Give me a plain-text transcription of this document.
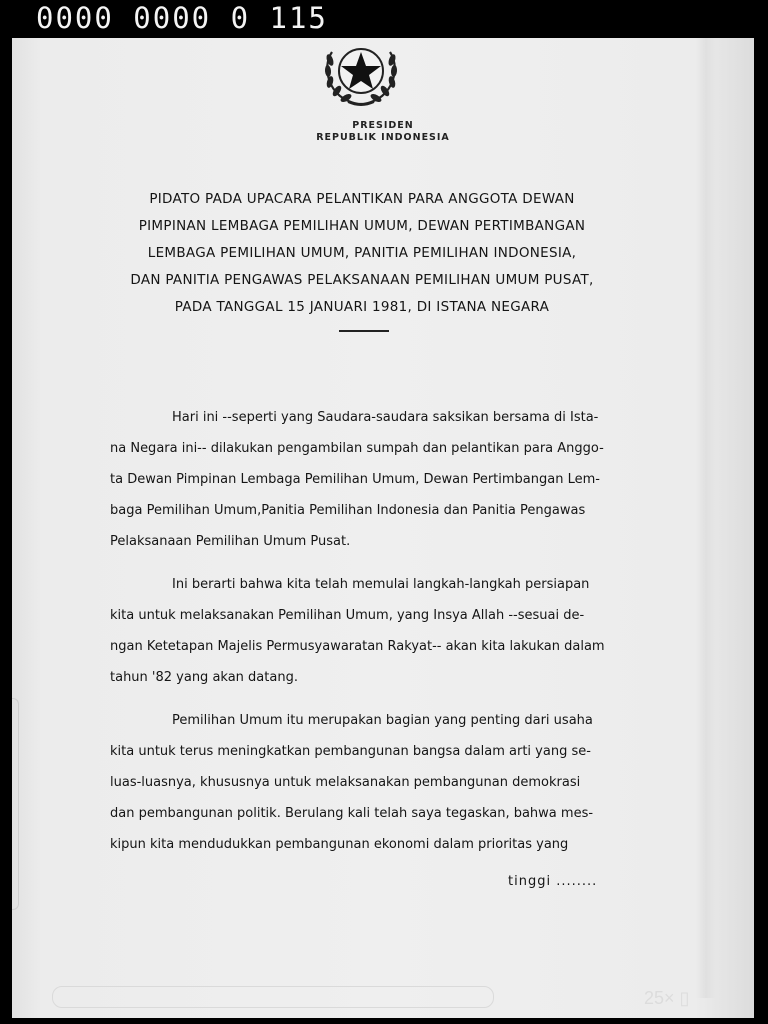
0000 0000 0 115
PRESIDEN
REPUBLIK INDONESIA
PIDATO PADA UPACARA PELANTIKAN PARA ANGGOTA DEWAN
PIMPINAN LEMBAGA PEMILIHAN UMUM, DEWAN PERTIMBANGAN
LEMBAGA PEMILIHAN UMUM, PANITIA PEMILIHAN INDONESIA,
DAN PANITIA PENGAWAS PELAKSANAAN PEMILIHAN UMUM PUSAT,
PADA TANGGAL 15 JANUARI 1981, DI ISTANA NEGARA
Hari ini --seperti yang Saudara-saudara saksikan bersama di Ista-
na Negara ini-- dilakukan pengambilan sumpah dan pelantikan para Anggo-
ta Dewan Pimpinan Lembaga Pemilihan Umum, Dewan Pertimbangan Lem-
baga Pemilihan Umum,Panitia Pemilihan Indonesia dan Panitia Pengawas
Pelaksanaan Pemilihan Umum Pusat.
Ini berarti bahwa kita telah memulai langkah-langkah persiapan
kita untuk melaksanakan Pemilihan Umum, yang Insya Allah --sesuai de-
ngan Ketetapan Majelis Permusyawaratan Rakyat-- akan kita lakukan dalam
tahun '82 yang akan datang.
Pemilihan Umum itu merupakan bagian yang penting dari usaha
kita untuk terus meningkatkan pembangunan bangsa dalam arti yang se-
luas-luasnya, khususnya untuk melaksanakan pembangunan demokrasi
dan pembangunan politik. Berulang kali telah saya tegaskan, bahwa mes-
kipun kita mendudukkan pembangunan ekonomi dalam prioritas yang
tinggi ........
25× ▯
